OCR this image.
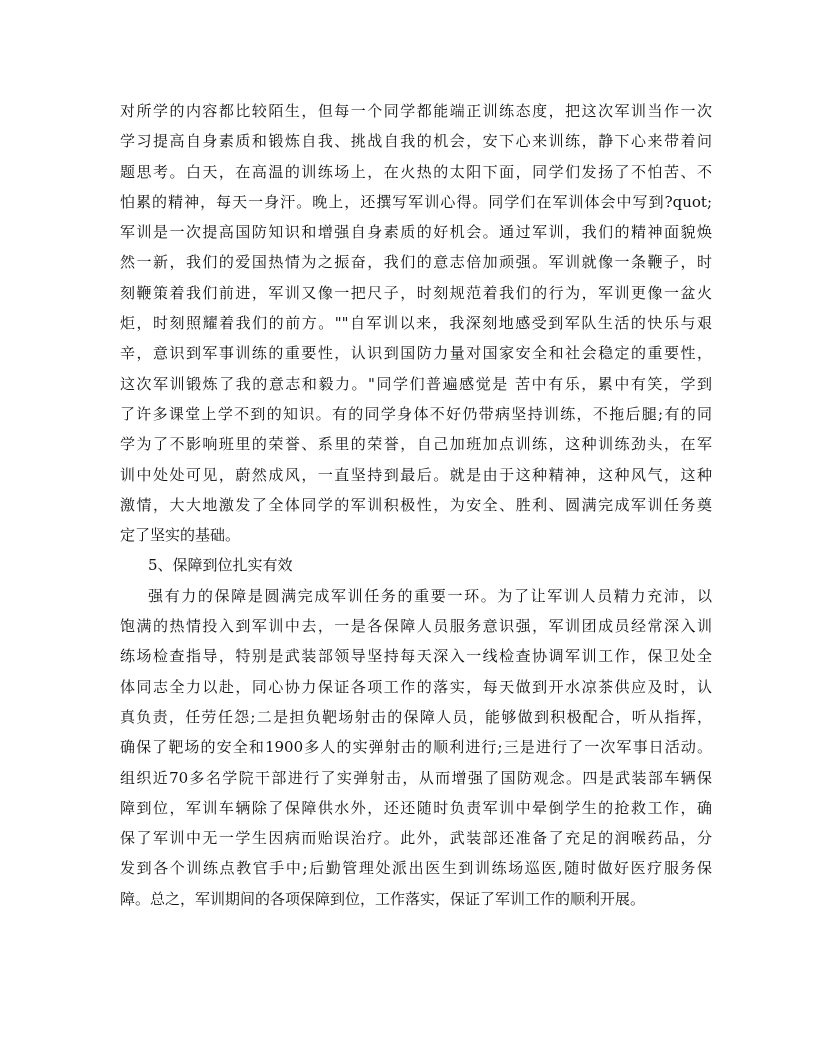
对所学的内容都比较陌生，但每一个同学都能端正训练态度，把这次军训当作一次
学习提高自身素质和锻炼自我、挑战自我的机会，安下心来训练，静下心来带着问
题思考。白天，在高温的训练场上，在火热的太阳下面，同学们发扬了不怕苦、不
怕累的精神，每天一身汗。晚上，还撰写军训心得。同学们在军训体会中写到?quot;
军训是一次提高国防知识和增强自身素质的好机会。通过军训，我们的精神面貌焕
然一新，我们的爱国热情为之振奋，我们的意志倍加顽强。军训就像一条鞭子，时
刻鞭策着我们前进，军训又像一把尺子，时刻规范着我们的行为，军训更像一盆火
炬，时刻照耀着我们的前方。""自军训以来，我深刻地感受到军队生活的快乐与艰
辛，意识到军事训练的重要性，认识到国防力量对国家安全和社会稳定的重要性，
这次军训锻炼了我的意志和毅力。"同学们普遍感觉是 苦中有乐，累中有笑，学到
了许多课堂上学不到的知识。有的同学身体不好仍带病坚持训练，不拖后腿;有的同
学为了不影响班里的荣誉、系里的荣誉，自己加班加点训练，这种训练劲头，在军
训中处处可见，蔚然成风，一直坚持到最后。就是由于这种精神，这种风气，这种
激情，大大地激发了全体同学的军训积极性，为安全、胜利、圆满完成军训任务奠
定了坚实的基础。
5、保障到位扎实有效
强有力的保障是圆满完成军训任务的重要一环。为了让军训人员精力充沛，以
饱满的热情投入到军训中去，一是各保障人员服务意识强，军训团成员经常深入训
练场检查指导，特别是武装部领导坚持每天深入一线检查协调军训工作，保卫处全
体同志全力以赴，同心协力保证各项工作的落实，每天做到开水凉茶供应及时，认
真负责，任劳任怨;二是担负靶场射击的保障人员，能够做到积极配合，听从指挥，
确保了靶场的安全和1900多人的实弹射击的顺利进行;三是进行了一次军事日活动。
组织近70多名学院干部进行了实弹射击，从而增强了国防观念。四是武装部车辆保
障到位，军训车辆除了保障供水外，还还随时负责军训中晕倒学生的抢救工作，确
保了军训中无一学生因病而贻误治疗。此外，武装部还准备了充足的润喉药品，分
发到各个训练点教官手中;后勤管理处派出医生到训练场巡医,随时做好医疗服务保
障。总之，军训期间的各项保障到位，工作落实，保证了军训工作的顺利开展。
